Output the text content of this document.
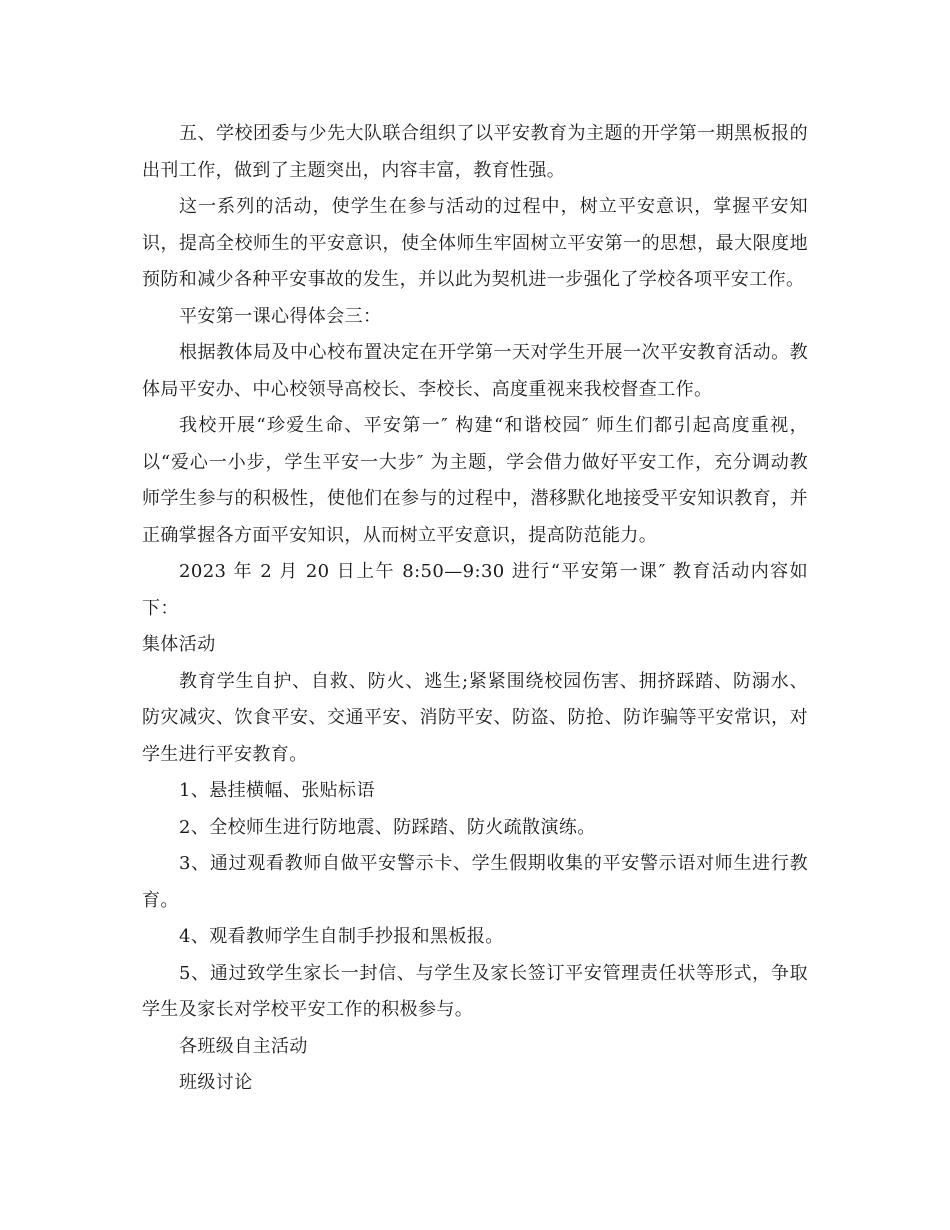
五、学校团委与少先大队联合组织了以平安教育为主题的开学第一期黑板报的出刊工作，做到了主题突出，内容丰富，教育性强。

这一系列的活动，使学生在参与活动的过程中，树立平安意识，掌握平安知识，提高全校师生的平安意识，使全体师生牢固树立平安第一的思想，最大限度地预防和减少各种平安事故的发生，并以此为契机进一步强化了学校各项平安工作。

平安第一课心得体会三：

根据教体局及中心校布置决定在开学第一天对学生开展一次平安教育活动。教体局平安办、中心校领导高校长、李校长、高度重视来我校督查工作。

我校开展“珍爱生命、平安第一″ 构建“和谐校园″ 师生们都引起高度重视，以“爱心一小步，学生平安一大步″ 为主题，学会借力做好平安工作，充分调动教师学生参与的积极性，使他们在参与的过程中，潜移默化地接受平安知识教育，并正确掌握各方面平安知识，从而树立平安意识，提高防范能力。

2023 年 2 月 20 日上午 8:50—9:30 进行“平安第一课″ 教育活动内容如下：

集体活动

教育学生自护、自救、防火、逃生;紧紧围绕校园伤害、拥挤踩踏、防溺水、防灾减灾、饮食平安、交通平安、消防平安、防盗、防抢、防诈骗等平安常识，对学生进行平安教育。

1、悬挂横幅、张贴标语

2、全校师生进行防地震、防踩踏、防火疏散演练。

3、通过观看教师自做平安警示卡、学生假期收集的平安警示语对师生进行教育。

4、观看教师学生自制手抄报和黑板报。

5、通过致学生家长一封信、与学生及家长签订平安管理责任状等形式，争取学生及家长对学校平安工作的积极参与。

各班级自主活动

班级讨论
